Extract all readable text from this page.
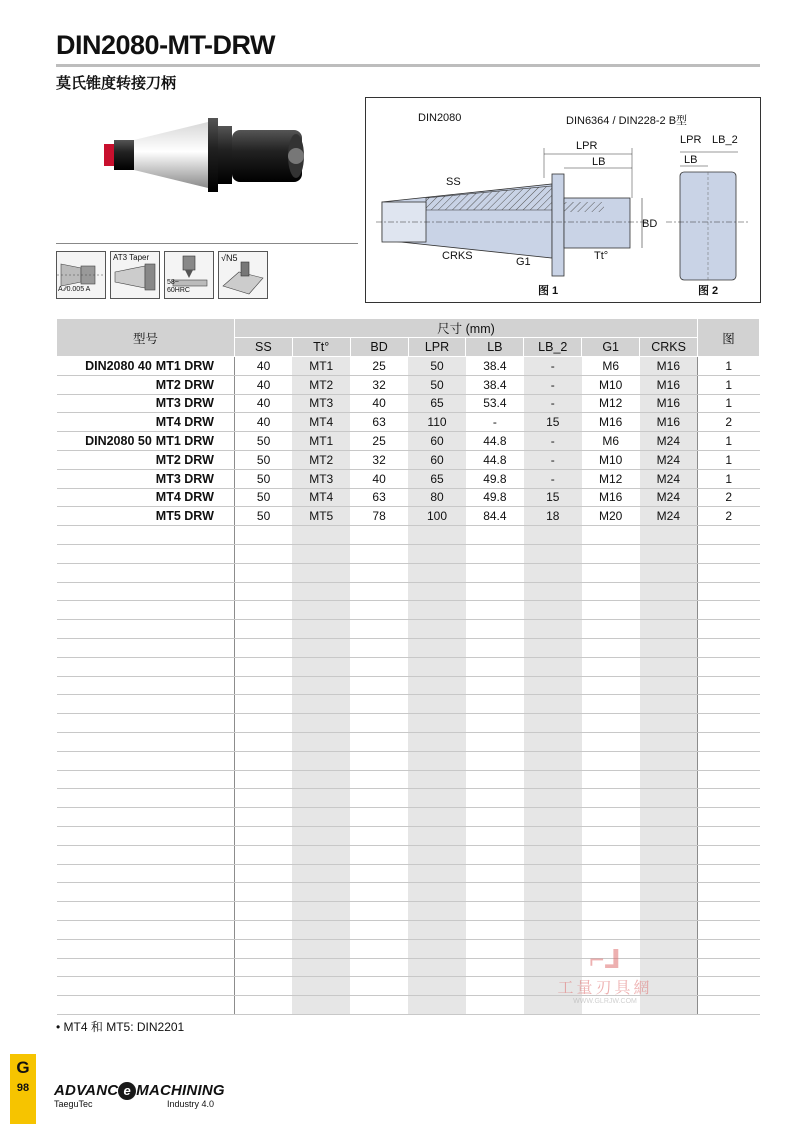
DIN2080-MT-DRW
莫氏锥度转接刀柄
A ∕∕0.005 A
AT3 Taper
58~ 60HRC
√N5
DIN2080	DIN6364 / DIN228-2 B型
LPR
LB
LPR LB_2
LB
SS
BD
CRKS	G1	Tt°
图 1	图 2
型号	尺寸 (mm)								图
	SS	Tt°	BD	LPR	LB	LB_2	G1	CRKS	
DIN2080 40 MT1 DRW	40	MT1	25	50	38.4	-	M6	M16	1
MT2 DRW	40	MT2	32	50	38.4	-	M10	M16	1
MT3 DRW	40	MT3	40	65	53.4	-	M12	M16	1
MT4 DRW	40	MT4	63	110	-	15	M16	M16	2
DIN2080 50 MT1 DRW	50	MT1	25	60	44.8	-	M6	M24	1
MT2 DRW	50	MT2	32	60	44.8	-	M10	M24	1
MT3 DRW	50	MT3	40	65	49.8	-	M12	M24	1
MT4 DRW	50	MT4	63	80	49.8	15	M16	M24	2
MT5 DRW	50	MT5	78	100	84.4	18	M20	M24	2

• MT4 和 MT5: DIN2201
⌐ᒧ
工量刃具網
WWW.GLRJW.COM
G
98	ADVANC e MACHINING
TaeguTec	Industry 4.0
